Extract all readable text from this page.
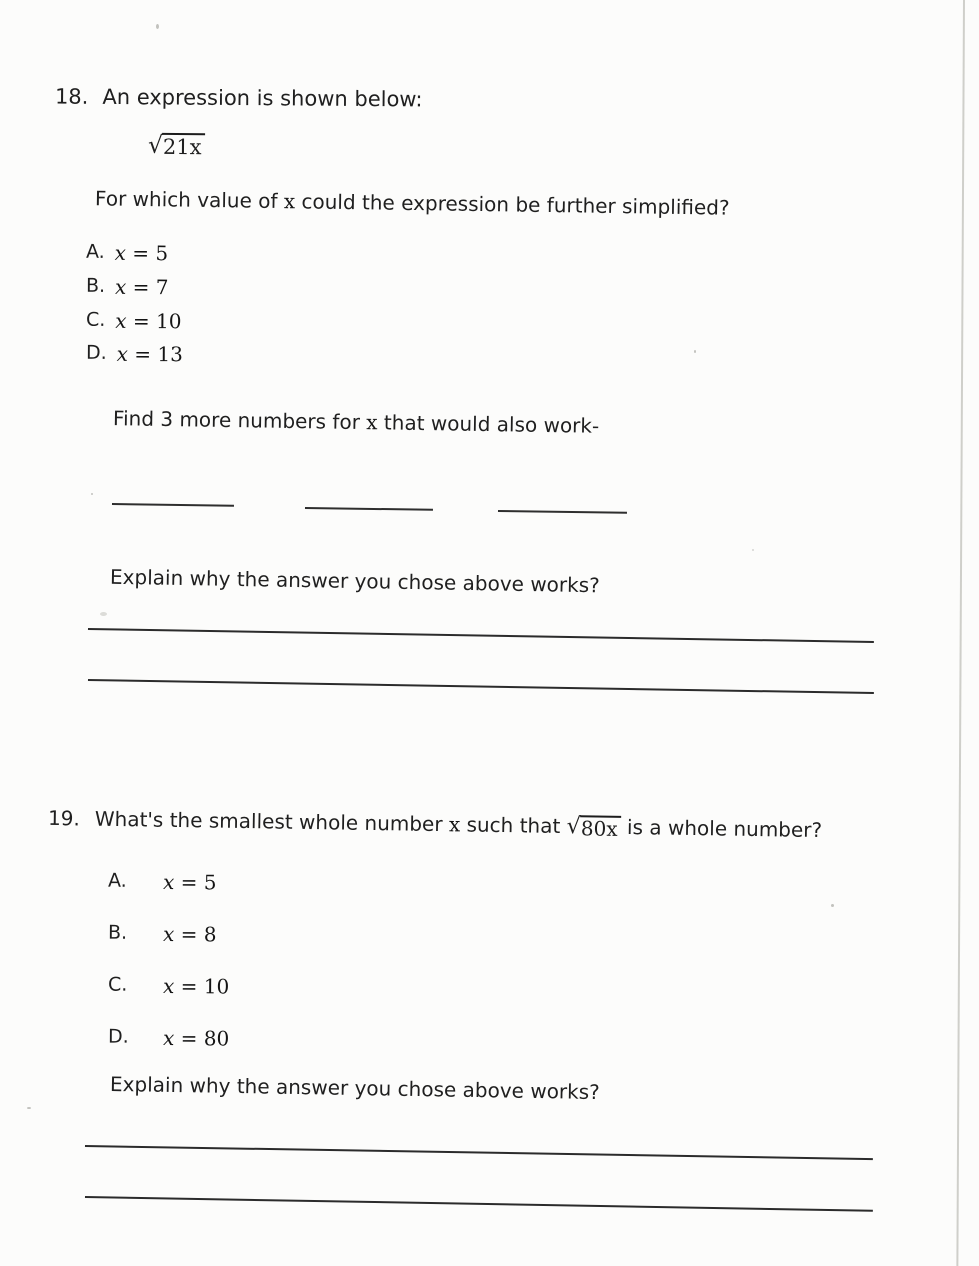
18. An expression is shown below:
√ 21x
For which value of x could the expression be further simplified?
A. x = 5
B. x = 7
C. x = 10
D. x = 13
Find 3 more numbers for x that would also work-
Explain why the answer you chose above works?
19. What's the smallest whole number x such that √ 80x is a whole number?
A.	x = 5
B.	x = 8
C.	x = 10
D.	x = 80
Explain why the answer you chose above works?
